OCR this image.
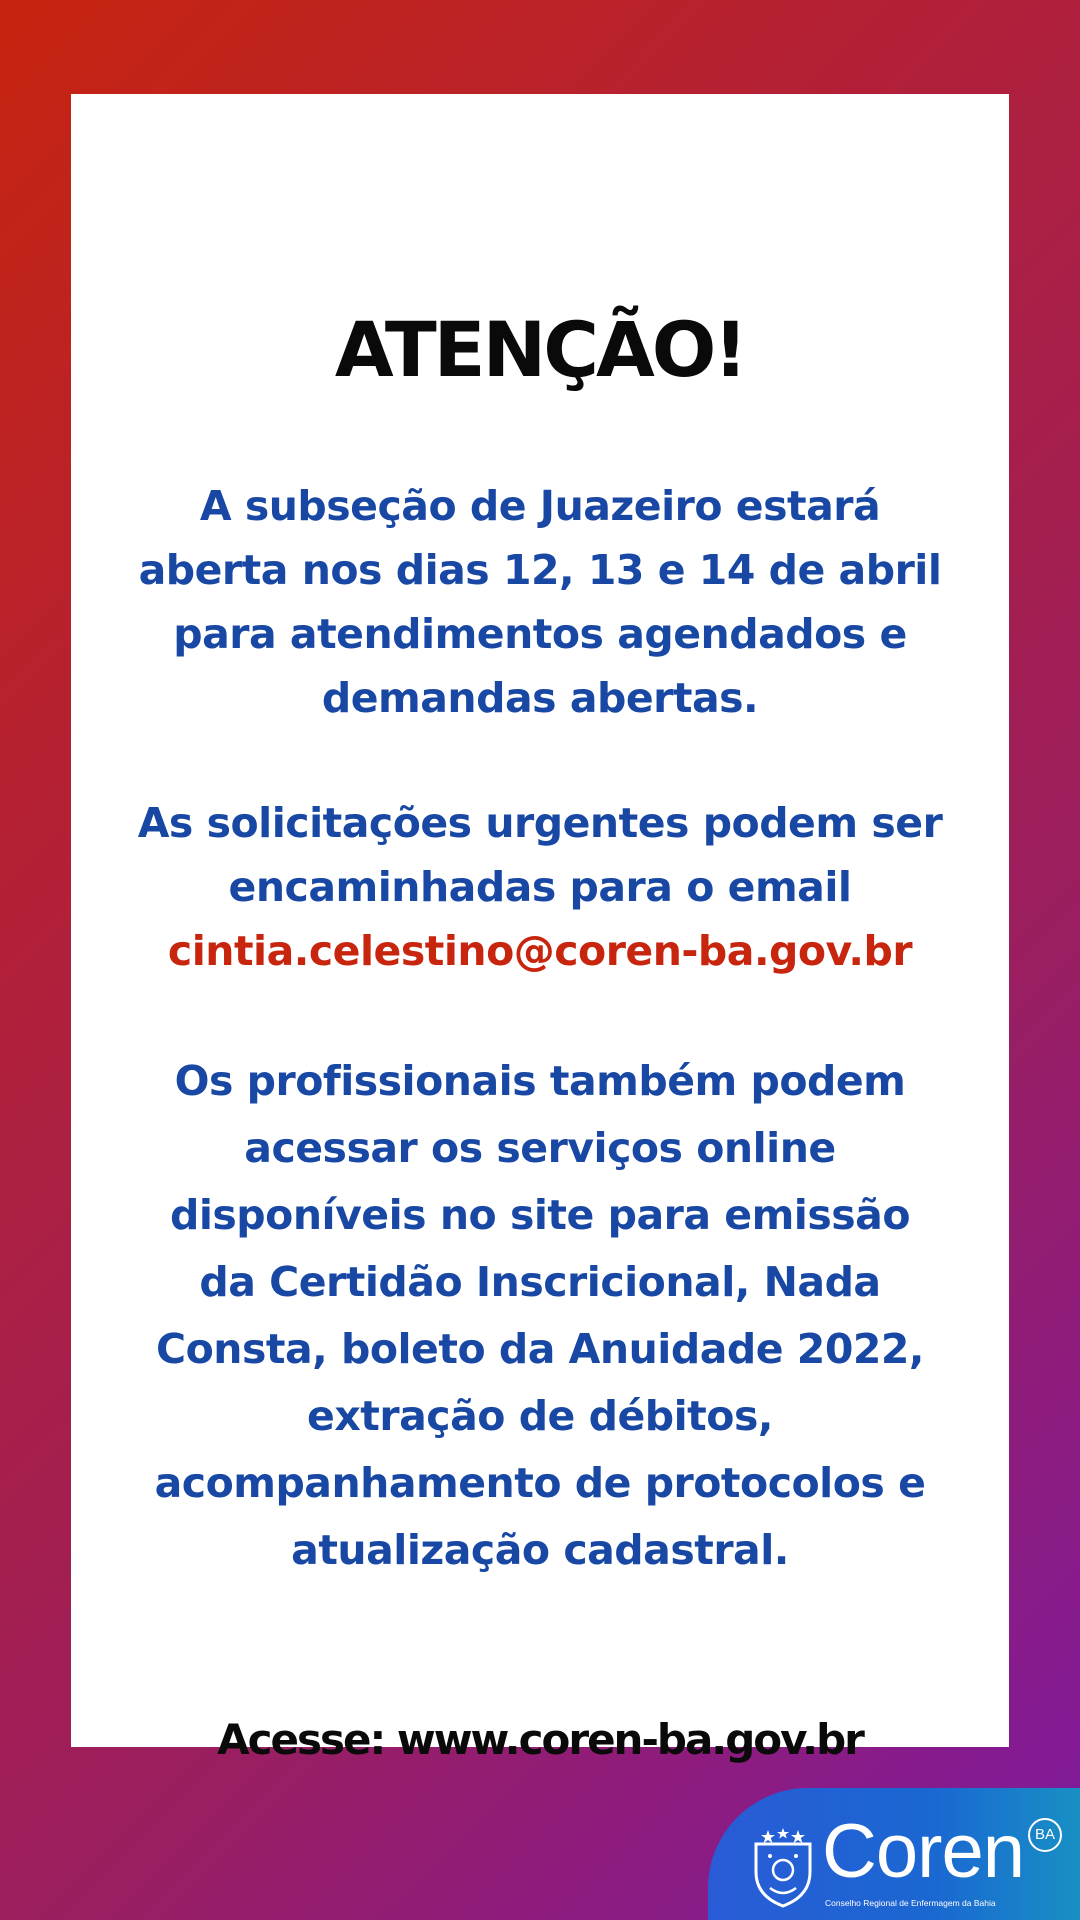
ATENÇÃO!

A subseção de Juazeiro estará
aberta nos dias 12, 13 e 14 de abril
para atendimentos agendados e
demandas abertas.

As solicitações urgentes podem ser
encaminhadas para o email
cintia.celestino@coren-ba.gov.br

Os profissionais também podem
acessar os serviços online
disponíveis no site para emissão
da Certidão Inscricional, Nada
Consta, boleto da Anuidade 2022,
extração de débitos,
acompanhamento de protocolos e
atualização cadastral.

Acesse: www.coren-ba.gov.br

Coren BA
Conselho Regional de Enfermagem da Bahia
